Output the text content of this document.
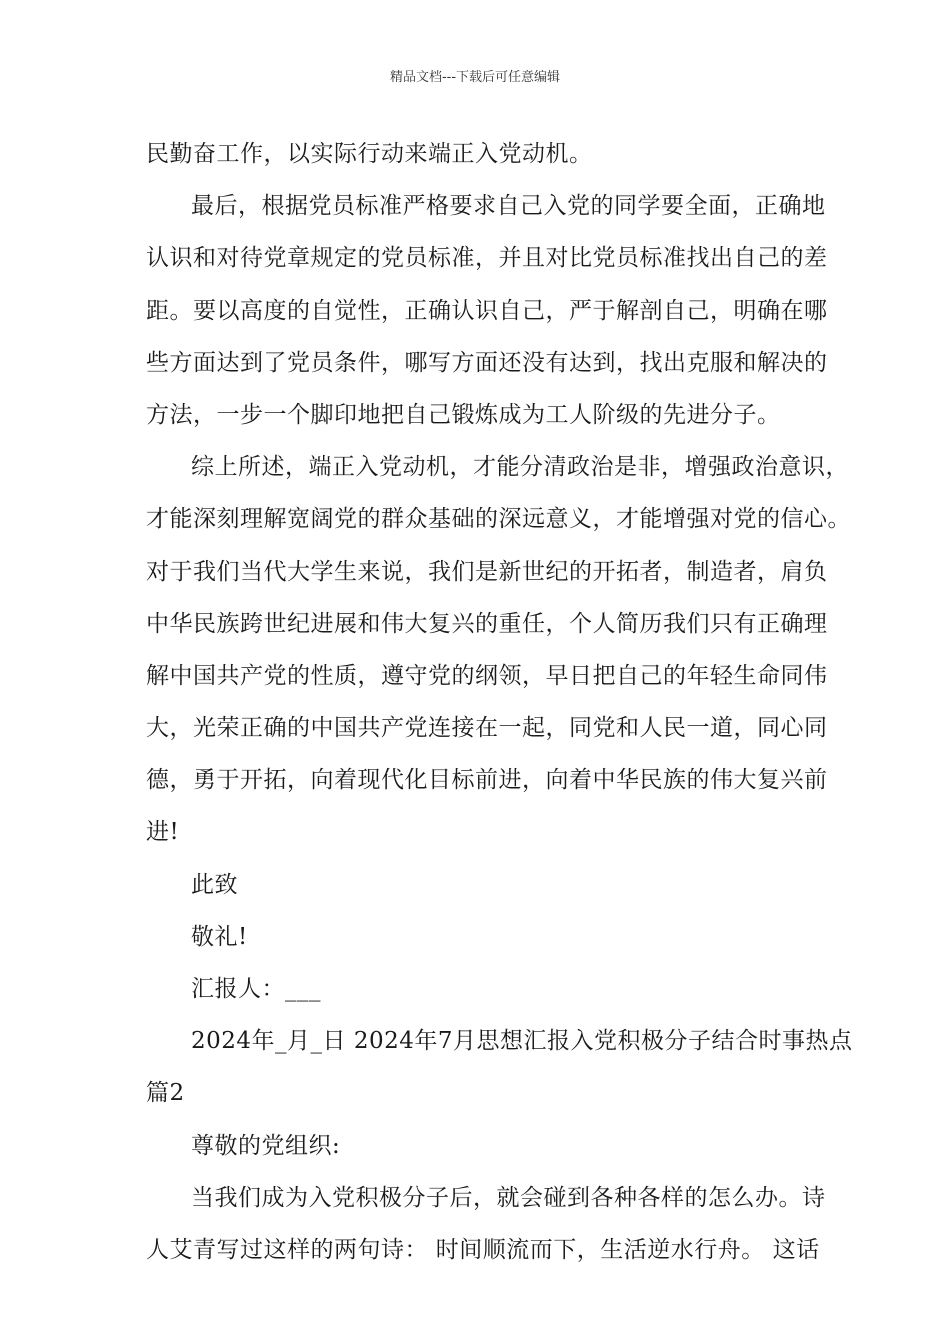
精品文档---下载后可任意编辑
民勤奋工作，以实际行动来端正入党动机。
最后，根据党员标准严格要求自己入党的同学要全面，正确地
认识和对待党章规定的党员标准，并且对比党员标准找出自己的差
距。要以高度的自觉性，正确认识自己，严于解剖自己，明确在哪
些方面达到了党员条件，哪写方面还没有达到，找出克服和解决的
方法，一步一个脚印地把自己锻炼成为工人阶级的先进分子。
综上所述，端正入党动机，才能分清政治是非，增强政治意识，
才能深刻理解宽阔党的群众基础的深远意义，才能增强对党的信心。
对于我们当代大学生来说，我们是新世纪的开拓者，制造者，肩负
中华民族跨世纪进展和伟大复兴的重任，个人简历我们只有正确理
解中国共产党的性质，遵守党的纲领，早日把自己的年轻生命同伟
大，光荣正确的中国共产党连接在一起，同党和人民一道，同心同
德，勇于开拓，向着现代化目标前进，向着中华民族的伟大复兴前
进!
此致
敬礼!
汇报人：___
2024年_月_日 2024年7月思想汇报入党积极分子结合时事热点
篇2
尊敬的党组织:
当我们成为入党积极分子后，就会碰到各种各样的怎么办。诗
人艾青写过这样的两句诗： 时间顺流而下，生活逆水行舟。 这话
